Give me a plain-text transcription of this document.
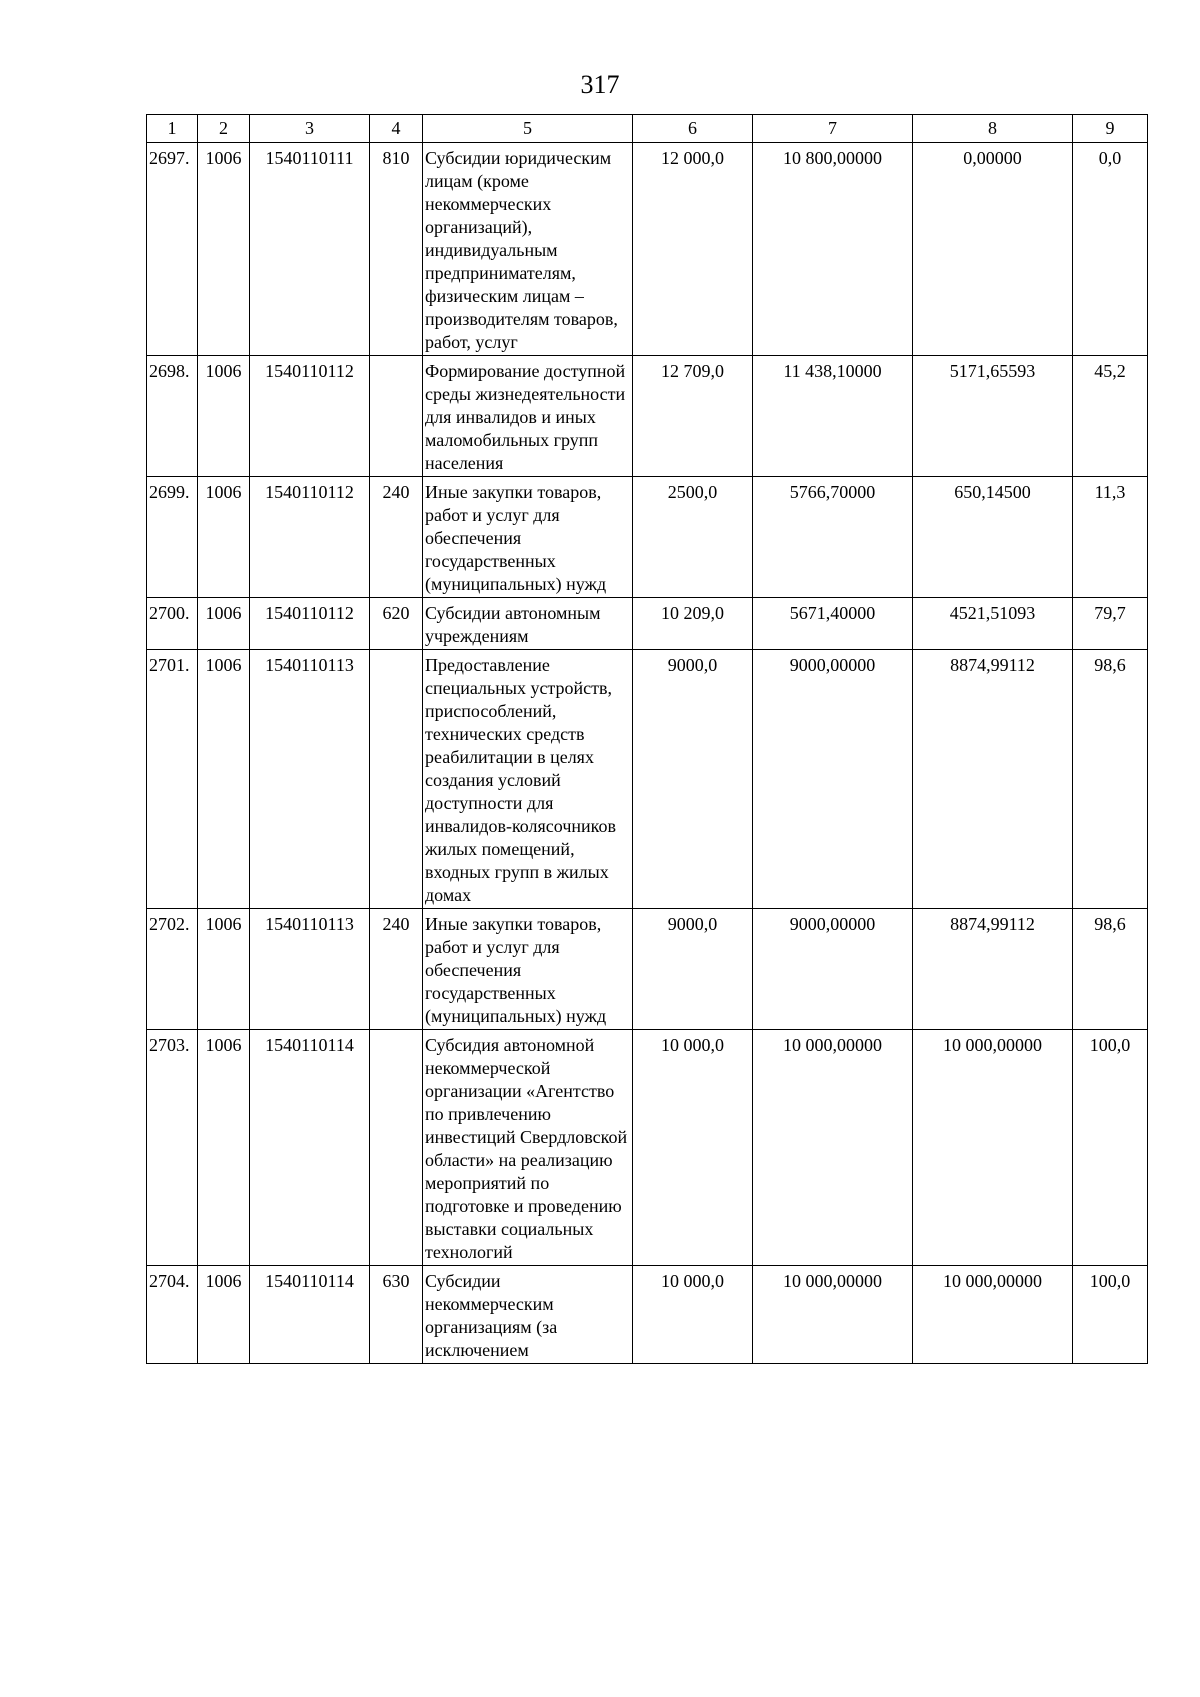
317
1	2	3	4	5	6	7	8	9
2697.	1006	1540110111	810	Субсидии юридическим лицам (кроме некоммерческих организаций), индивидуальным предпринимателям, физическим лицам – производителям товаров, работ, услуг	12 000,0	10 800,00000	0,00000	0,0
2698.	1006	1540110112		Формирование доступной среды жизнедеятельности для инвалидов и иных маломобильных групп населения	12 709,0	11 438,10000	5171,65593	45,2
2699.	1006	1540110112	240	Иные закупки товаров, работ и услуг для обеспечения государственных (муниципальных) нужд	2500,0	5766,70000	650,14500	11,3
2700.	1006	1540110112	620	Субсидии автономным учреждениям	10 209,0	5671,40000	4521,51093	79,7
2701.	1006	1540110113		Предоставление специальных устройств, приспособлений, технических средств реабилитации в целях создания условий доступности для инвалидов-колясочников жилых помещений, входных групп в жилых домах	9000,0	9000,00000	8874,99112	98,6
2702.	1006	1540110113	240	Иные закупки товаров, работ и услуг для обеспечения государственных (муниципальных) нужд	9000,0	9000,00000	8874,99112	98,6
2703.	1006	1540110114		Субсидия автономной некоммерческой организации «Агентство по привлечению инвестиций Свердловской области» на реализацию мероприятий по подготовке и проведению выставки социальных технологий	10 000,0	10 000,00000	10 000,00000	100,0
2704.	1006	1540110114	630	Субсидии некоммерческим организациям (за исключением	10 000,0	10 000,00000	10 000,00000	100,0
